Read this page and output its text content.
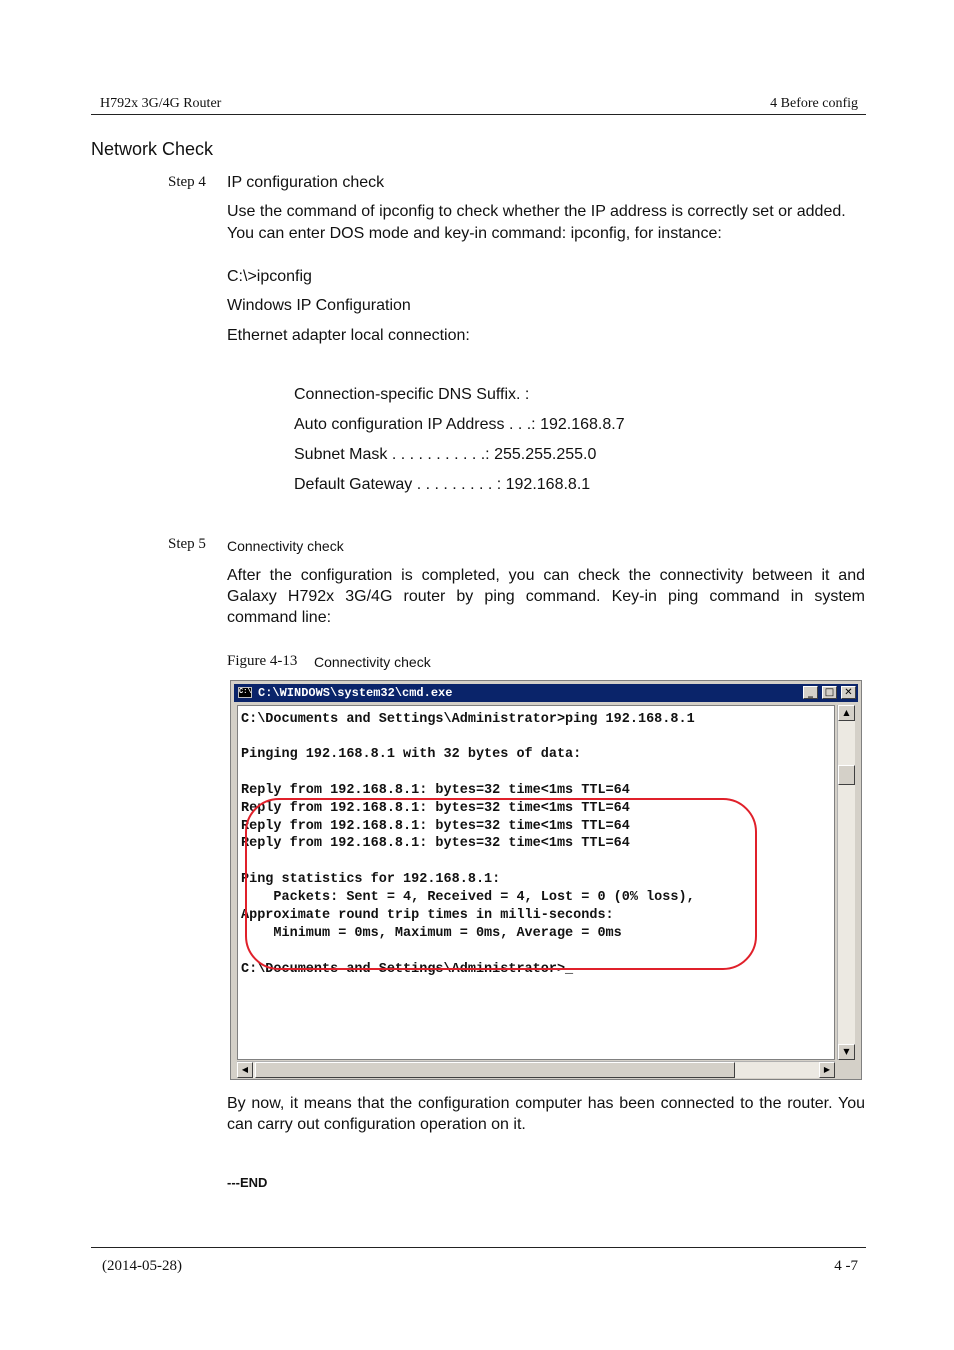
H792x 3G/4G Router	4 Before config
Network Check
Step 4 IP configuration check
Use the command of ipconfig to check whether the IP address is correctly set or added.
You can enter DOS mode and key-in command: ipconfig, for instance:
C:\>ipconfig
Windows IP Configuration
Ethernet adapter local connection:
Connection-specific DNS Suffix. :
Auto configuration IP Address . . .: 192.168.8.7
Subnet Mask . . . . . . . . . . .: 255.255.255.0
Default Gateway . . . . . . . . . : 192.168.8.1
Step 5 Connectivity check
After the configuration is completed, you can check the connectivity between it and Galaxy H792x 3G/4G router by ping command. Key-in ping command in system command line:
Figure 4-13 Connectivity check
C:\ C:\WINDOWS\system32\cmd.exe	_	□	✕
C:\Documents and Settings\Administrator>ping 192.168.8.1
Pinging 192.168.8.1 with 32 bytes of data:
Reply from 192.168.8.1: bytes=32 time<1ms TTL=64
Reply from 192.168.8.1: bytes=32 time<1ms TTL=64
Reply from 192.168.8.1: bytes=32 time<1ms TTL=64
Reply from 192.168.8.1: bytes=32 time<1ms TTL=64
Ping statistics for 192.168.8.1:
Packets: Sent = 4, Received = 4, Lost = 0 (0% loss),
Approximate round trip times in milli-seconds:
Minimum = 0ms, Maximum = 0ms, Average = 0ms
C:\Documents and Settings\Administrator>_
▲
▼
◀	▶
By now, it means that the configuration computer has been connected to the router. You can carry out configuration operation on it.
---END
(2014-05-28)	4 -7
